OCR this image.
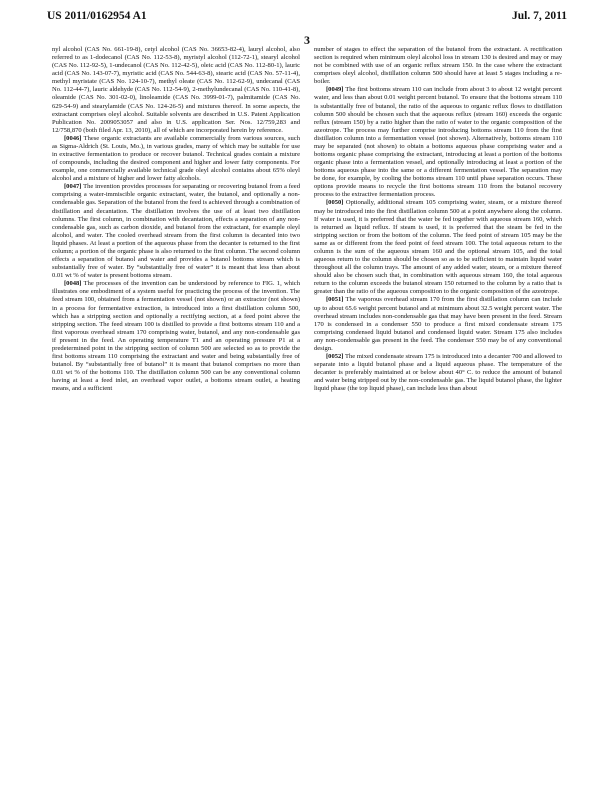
US 2011/0162954 A1	Jul. 7, 2011
3

nyl alcohol (CAS No. 661-19-8), cetyl alcohol (CAS No. 36653-82-4), lauryl alcohol, also referred to as 1-dodecanol (CAS No. 112-53-8), myristyl alcohol (112-72-1), stearyl alcohol (CAS No. 112-92-5), 1-undecanol (CAS No. 112-42-5), oleic acid (CAS No. 112-80-1), lauric acid (CAS No. 143-07-7), myristic acid (CAS No. 544-63-8), stearic acid (CAS No. 57-11-4), methyl myristate (CAS No. 124-10-7), methyl oleate (CAS No. 112-62-9), undecanal (CAS No. 112-44-7), lauric aldehyde (CAS No. 112-54-9), 2-methylundecanal (CAS No. 110-41-8), oleamide (CAS No. 301-02-0), linoleamide (CAS No. 3999-01-7), palmitamide (CAS No. 629-54-9) and stearylamide (CAS No. 124-26-5) and mixtures thereof. In some aspects, the extractant comprises oleyl alcohol. Suitable solvents are described in U.S. Patent Application Publication No. 2009053057 and also in U.S. application Ser. Nos. 12/759,283 and 12/758,870 (both filed Apr. 13, 2010), all of which are incorporated herein by reference.

[0046] These organic extractants are available commercially from various sources, such as Sigma-Aldrich (St. Louis, Mo.), in various grades, many of which may be suitable for use in extractive fermentation to produce or recover butanol. Technical grades contain a mixture of compounds, including the desired component and higher and lower fatty components. For example, one commercially available technical grade oleyl alcohol contains about 65% oleyl alcohol and a mixture of higher and lower fatty alcohols.

[0047] The invention provides processes for separating or recovering butanol from a feed comprising a water-immiscible organic extractant, water, the butanol, and optionally a non-condensable gas. Separation of the butanol from the feed is achieved through a combination of distillation and decantation. The distillation involves the use of at least two distillation columns. The first column, in combination with decantation, effects a separation of any non-condensable gas, such as carbon dioxide, and butanol from the extractant, for example oleyl alcohol, and water. The cooled overhead stream from the first column is decanted into two liquid phases. At least a portion of the aqueous phase from the decanter is returned to the first column; a portion of the organic phase is also returned to the first column. The second column effects a separation of butanol and water and provides a butanol bottoms stream which is substantially free of water. By “substantially free of water” it is meant that less than about 0.01 wt % of water is present bottoms stream.

[0048] The processes of the invention can be understood by reference to FIG. 1, which illustrates one embodiment of a system useful for practicing the process of the invention. The feed stream 100, obtained from a fermentation vessel (not shown) or an extractor (not shown) in a process for fermentative extraction, is introduced into a first distillation column 500, which has a stripping section and optionally a rectifying section, at a feed point above the stripping section. The feed stream 100 is distilled to provide a first bottoms stream 110 and a first vaporous overhead stream 170 comprising water, butanol, and any non-condensable gas if present in the feed. An operating temperature T1 and an operating pressure P1 at a predetermined point in the stripping section of column 500 are selected so as to provide the first bottoms stream 110 comprising the extractant and water and being substantially free of butanol. By “substantially free of butanol” it is meant that butanol comprises no more than 0.01 wt % of the bottoms 110. The distillation column 500 can be any conventional column having at least a feed inlet, an overhead vapor outlet, a bottoms stream outlet, a heating means, and a sufficient

number of stages to effect the separation of the butanol from the extractant. A rectification section is required when minimum oleyl alcohol loss in stream 130 is desired and may or may not be combined with use of an organic reflux stream 150. In the case where the extractant comprises oleyl alcohol, distillation column 500 should have at least 5 stages including a re-boiler.

[0049] The first bottoms stream 110 can include from about 3 to about 12 weight percent water, and less than about 0.01 weight percent butanol. To ensure that the bottoms stream 110 is substantially free of butanol, the ratio of the aqueous to organic reflux flows to distillation column 500 should be chosen such that the aqueous reflux (stream 160) exceeds the organic reflux (stream 150) by a ratio higher than the ratio of water to the organic composition of the azeotrope. The process may further comprise introducing bottoms stream 110 from the first distillation column into a fermentation vessel (not shown). Alternatively, bottoms stream 110 may be separated (not shown) to obtain a bottoms aqueous phase comprising water and a bottoms organic phase comprising the extractant, introducing at least a portion of the bottoms organic phase into a fermentation vessel, and optionally introducing at least a portion of the bottoms aqueous phase into the same or a different fermentation vessel. The separation may be done, for example, by cooling the bottoms stream 110 until phase separation occurs. These options provide means to recycle the first bottoms stream 110 from the butanol recovery process to the extractive fermentation process.

[0050] Optionally, additional stream 105 comprising water, steam, or a mixture thereof may be introduced into the first distillation column 500 at a point anywhere along the column. If water is used, it is preferred that the water be fed together with aqueous stream 160, which is returned as liquid reflux. If steam is used, it is preferred that the steam be fed in the stripping section or from the bottom of the column. The feed point of stream 105 may be the same as or different from the feed point of feed stream 100. The total aqueous return to the column is the sum of the aqueous stream 160 and the optional stream 105, and the total aqueous return to the column should be chosen so as to be sufficient to maintain liquid water throughout all the column trays. The amount of any added water, steam, or a mixture thereof should also be chosen such that, in combination with aqueous stream 160, the total aqueous return to the column exceeds the butanol stream 150 returned to the column by a ratio that is greater than the ratio of the aqueous composition to the organic composition of the azeotrope.

[0051] The vaporous overhead stream 170 from the first distillation column can include up to about 65.6 weight percent butanol and at minimum about 32.5 weight percent water. The overhead stream includes non-condensable gas that may have been present in the feed. Stream 170 is condensed in a condenser 550 to produce a first mixed condensate stream 175 comprising condensed liquid butanol and condensed liquid water. Stream 175 also includes any non-condensable gas present in the feed. The condenser 550 may be of any conventional design.

[0052] The mixed condensate stream 175 is introduced into a decanter 700 and allowed to separate into a liquid butanol phase and a liquid aqueous phase. The temperature of the decanter is preferably maintained at or below about 40° C. to reduce the amount of butanol and water being stripped out by the non-condensable gas. The liquid butanol phase, the lighter liquid phase (the top liquid phase), can include less than about
